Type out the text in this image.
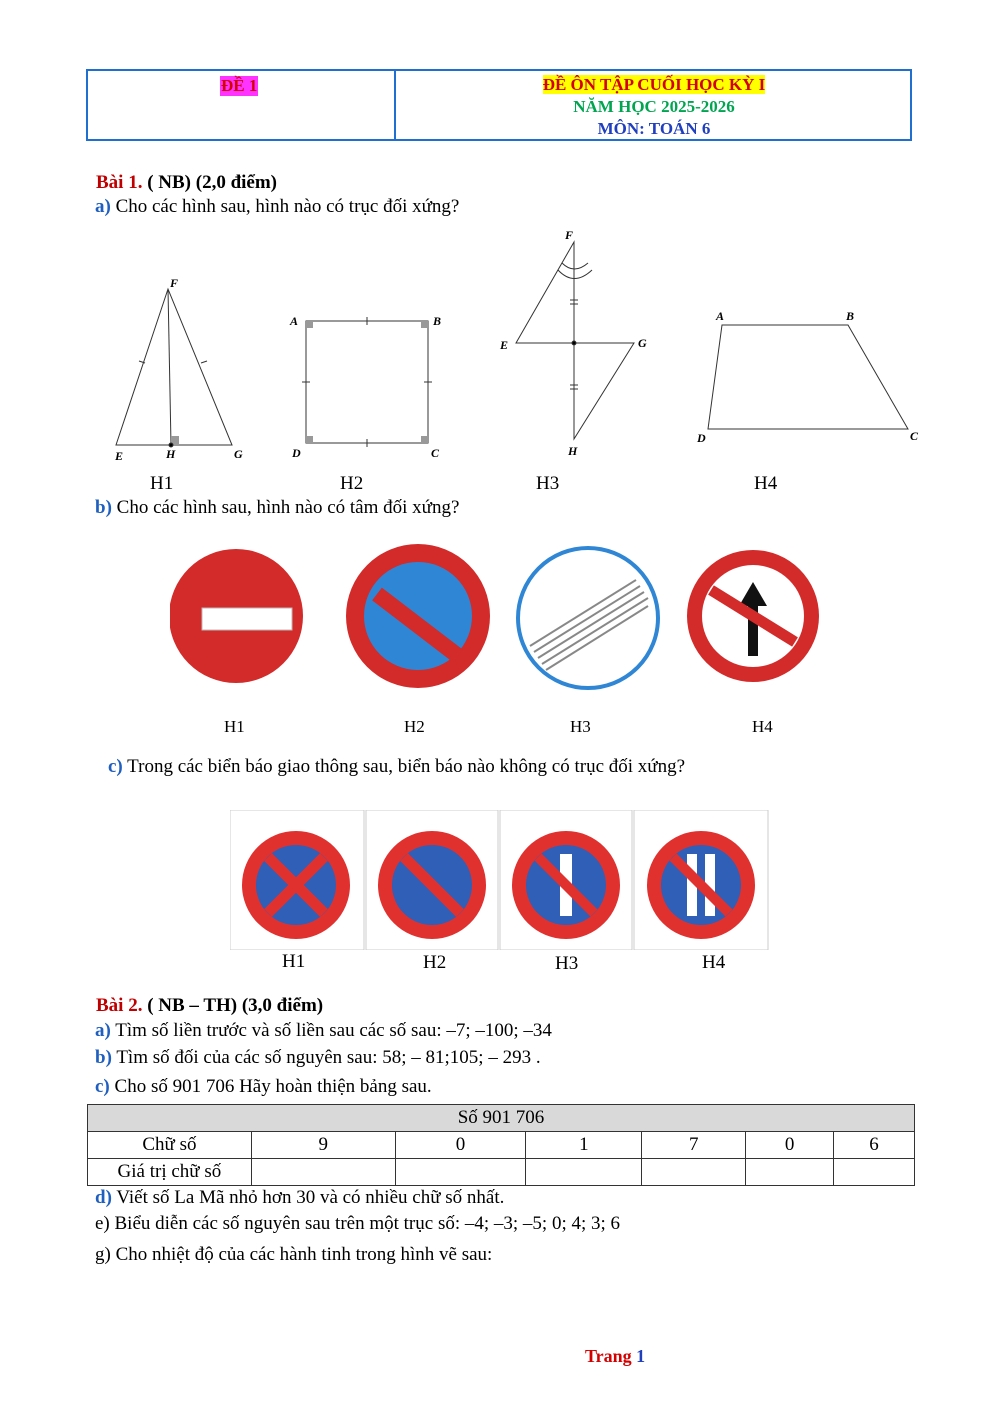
ĐỀ 1	ĐỀ ÔN TẬP CUỐI HỌC KỲ I
NĂM HỌC 2025-2026
MÔN: TOÁN 6
Bài 1. ( NB) (2,0 điểm)
a) Cho các hình sau, hình nào có trục đối xứng?
F
E	H	G
A	B
C
D
F
E	G
H
A	B
C
D
H1	H2	H3	H4
b) Cho các hình sau, hình nào có tâm đối xứng?
H1	H2	H3	H4
c) Trong các biển báo giao thông sau, biển báo nào không có trục đối xứng?
H1	H2	H3	H4
Bài 2. ( NB – TH) (3,0 điểm)
a) Tìm số liền trước và số liền sau các số sau: –7; –100; –34
b) Tìm số đối của các số nguyên sau: 58; – 81;105; – 293 .
c) Cho số 901 706 Hãy hoàn thiện bảng sau.
Số 901 706						
Chữ số	9	0	1	7	0	6
Giá trị chữ số						
d) Viết số La Mã nhỏ hơn 30 và có nhiều chữ số nhất.
e) Biểu diễn các số nguyên sau trên một trục số: –4; –3; –5; 0; 4; 3; 6
g) Cho nhiệt độ của các hành tinh trong hình vẽ sau:
Trang 1
